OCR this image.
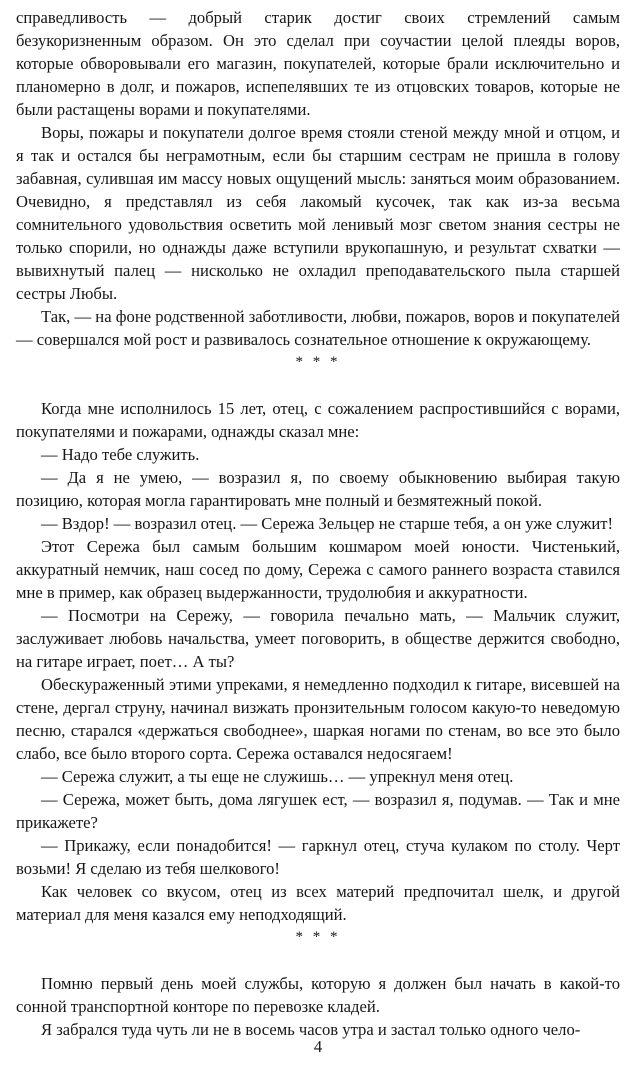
справедливость — добрый старик достиг своих стремлений самым безукоризненным образом. Он это сделал при соучастии целой плеяды воров, которые обворовывали его магазин, покупателей, которые брали исключительно и планомерно в долг, и пожаров, испепелявших те из отцовских товаров, которые не были растащены ворами и покупателями.

Воры, пожары и покупатели долгое время стояли стеной между мной и отцом, и я так и остался бы неграмотным, если бы старшим сестрам не пришла в голову забавная, сулившая им массу новых ощущений мысль: заняться моим образованием. Очевидно, я представлял из себя лакомый кусочек, так как из-за весьма сомнительного удовольствия осветить мой ленивый мозг светом знания сестры не только спорили, но однажды даже вступили врукопашную, и результат схватки — вывихнутый палец — нисколько не охладил преподавательского пыла старшей сестры Любы.

Так, — на фоне родственной заботливости, любви, пожаров, воров и покупателей — совершался мой рост и развивалось сознательное отношение к окружающему.

* * *

Когда мне исполнилось 15 лет, отец, с сожалением распростившийся с ворами, покупателями и пожарами, однажды сказал мне:

— Надо тебе служить.

— Да я не умею, — возразил я, по своему обыкновению выбирая такую позицию, которая могла гарантировать мне полный и безмятежный покой.

— Вздор! — возразил отец. — Сережа Зельцер не старше тебя, а он уже служит!

Этот Сережа был самым большим кошмаром моей юности. Чистенький, аккуратный немчик, наш сосед по дому, Сережа с самого раннего возраста ставился мне в пример, как образец выдержанности, трудолюбия и аккуратности.

— Посмотри на Сережу, — говорила печально мать, — Мальчик служит, заслуживает любовь начальства, умеет поговорить, в обществе держится свободно, на гитаре играет, поет… А ты?

Обескураженный этими упреками, я немедленно подходил к гитаре, висевшей на стене, дергал струну, начинал визжать пронзительным голосом какую-то неведомую песню, старался «держаться свободнее», шаркая ногами по стенам, во все это было слабо, все было второго сорта. Сережа оставался недосягаем!

— Сережа служит, а ты еще не служишь… — упрекнул меня отец.

— Сережа, может быть, дома лягушек ест, — возразил я, подумав. — Так и мне прикажете?

— Прикажу, если понадобится! — гаркнул отец, стуча кулаком по столу. Черт возьми! Я сделаю из тебя шелкового!

Как человек со вкусом, отец из всех материй предпочитал шелк, и другой материал для меня казался ему неподходящий.

* * *

Помню первый день моей службы, которую я должен был начать в какой-то сонной транспортной конторе по перевозке кладей.

Я забрался туда чуть ли не в восемь часов утра и застал только одного чело-

4
